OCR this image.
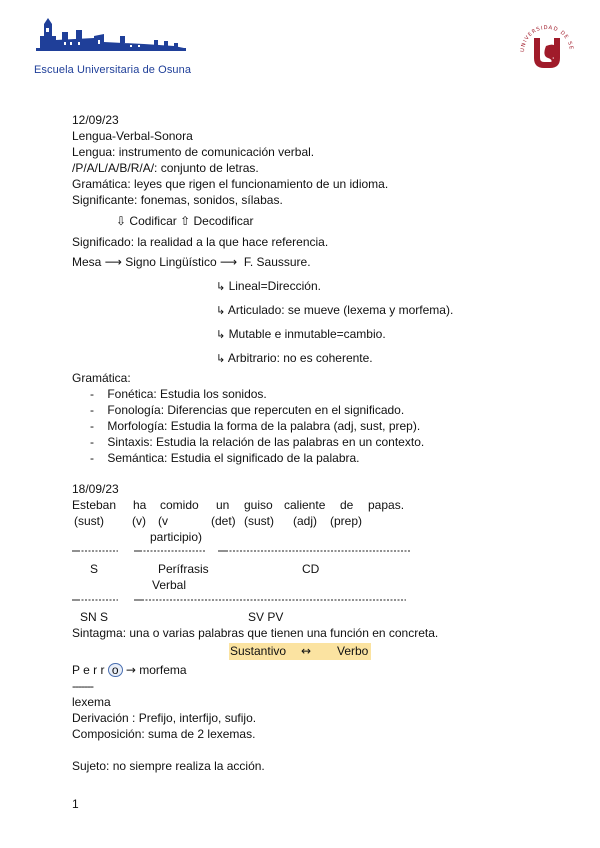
Escuela Universitaria de Osuna
UNIVERSIDAD DE SE
12/09/23
Lengua-Verbal-Sonora
Lengua: instrumento de comunicación verbal.
/P/A/L/A/B/R/A/: conjunto de letras.
Gramática: leyes que rigen el funcionamiento de un idioma.
Significante: fonemas, sonidos, sílabas.
⇩ Codificar ⇧ Decodificar
Significado: la realidad a la que hace referencia.
Mesa ⟶ Signo Lingüístico ⟶ F. Saussure.
↳ Lineal=Dirección.
↳ Articulado: se mueve (lexema y morfema).
↳ Mutable e inmutable=cambio.
↳ Arbitrario: no es coherente.
Gramática:
-    Fonética: Estudia los sonidos.
-    Fonología: Diferencias que repercuten en el significado.
-    Morfología: Estudia la forma de la palabra (adj, sust, prep).
-    Sintaxis: Estudia la relación de las palabras en un contexto.
-    Semántica: Estudia el significado de la palabra.
18/09/23
Esteban ha comido un guiso caliente de papas.
(sust) (v) (v	(det) (sust) (adj) (prep)
participio)
S	Perífrasis
Verbal
CD
SN S	SV PV
Sintagma: una o varias palabras que tienen una función en concreta.
Sustantivo ↔ Verbo
P e r r o → morfema
-------
lexema
Derivación : Prefijo, interfijo, sufijo.
Composición: suma de 2 lexemas.
Sujeto: no siempre realiza la acción.
1
